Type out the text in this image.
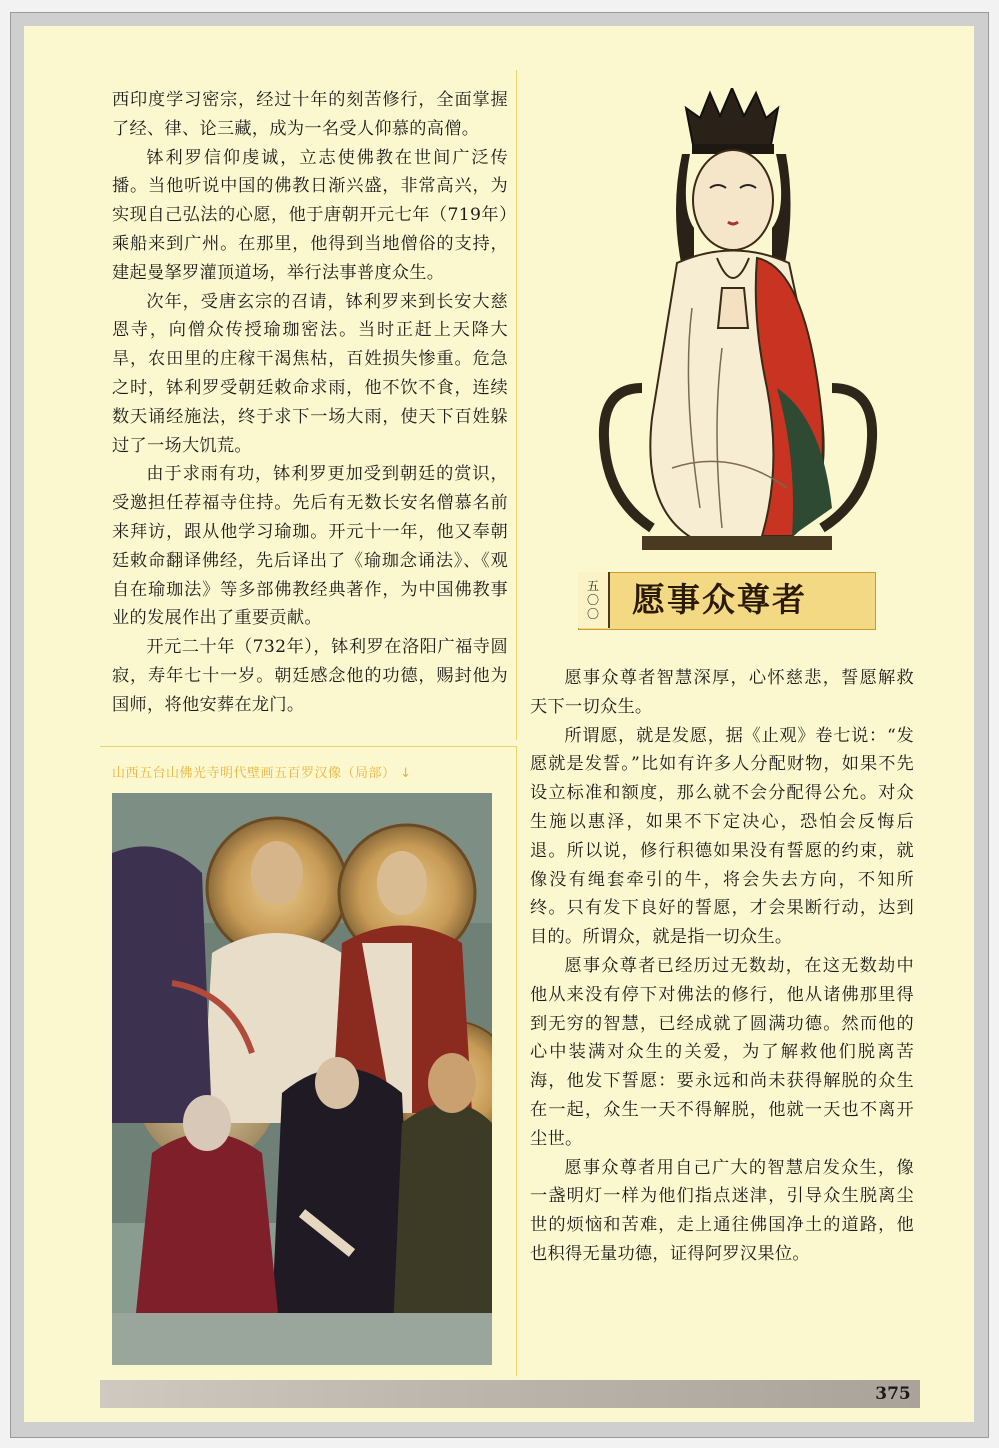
西印度学习密宗，经过十年的刻苦修行，全面掌握了经、律、论三藏，成为一名受人仰慕的高僧。

钵利罗信仰虔诚，立志使佛教在世间广泛传播。当他听说中国的佛教日渐兴盛，非常高兴，为实现自己弘法的心愿，他于唐朝开元七年（719年）乘船来到广州。在那里，他得到当地僧俗的支持，建起曼拏罗灌顶道场，举行法事普度众生。

次年，受唐玄宗的召请，钵利罗来到长安大慈恩寺，向僧众传授瑜珈密法。当时正赶上天降大旱，农田里的庄稼干渴焦枯，百姓损失惨重。危急之时，钵利罗受朝廷敕命求雨，他不饮不食，连续数天诵经施法，终于求下一场大雨，使天下百姓躲过了一场大饥荒。

由于求雨有功，钵利罗更加受到朝廷的赏识，受邀担任荐福寺住持。先后有无数长安名僧慕名前来拜访，跟从他学习瑜珈。开元十一年，他又奉朝廷敕命翻译佛经，先后译出了《瑜珈念诵法》、《观自在瑜珈法》等多部佛教经典著作，为中国佛教事业的发展作出了重要贡献。

开元二十年（732年），钵利罗在洛阳广福寺圆寂，寿年七十一岁。朝廷感念他的功德，赐封他为国师，将他安葬在龙门。

山西五台山佛光寺明代壁画五百罗汉像（局部） ↓
五
〇
〇 愿事众尊者

愿事众尊者智慧深厚，心怀慈悲，誓愿解救天下一切众生。

所谓愿，就是发愿，据《止观》卷七说：“发愿就是发誓。”比如有许多人分配财物，如果不先设立标准和额度，那么就不会分配得公允。对众生施以惠泽，如果不下定决心，恐怕会反悔后退。所以说，修行积德如果没有誓愿的约束，就像没有绳套牵引的牛，将会失去方向，不知所终。只有发下良好的誓愿，才会果断行动，达到目的。所谓众，就是指一切众生。

愿事众尊者已经历过无数劫，在这无数劫中他从来没有停下对佛法的修行，他从诸佛那里得到无穷的智慧，已经成就了圆满功德。然而他的心中装满对众生的关爱，为了解救他们脱离苦海，他发下誓愿：要永远和尚未获得解脱的众生在一起，众生一天不得解脱，他就一天也不离开尘世。

愿事众尊者用自己广大的智慧启发众生，像一盏明灯一样为他们指点迷津，引导众生脱离尘世的烦恼和苦难，走上通往佛国净土的道路，他也积得无量功德，证得阿罗汉果位。

375
